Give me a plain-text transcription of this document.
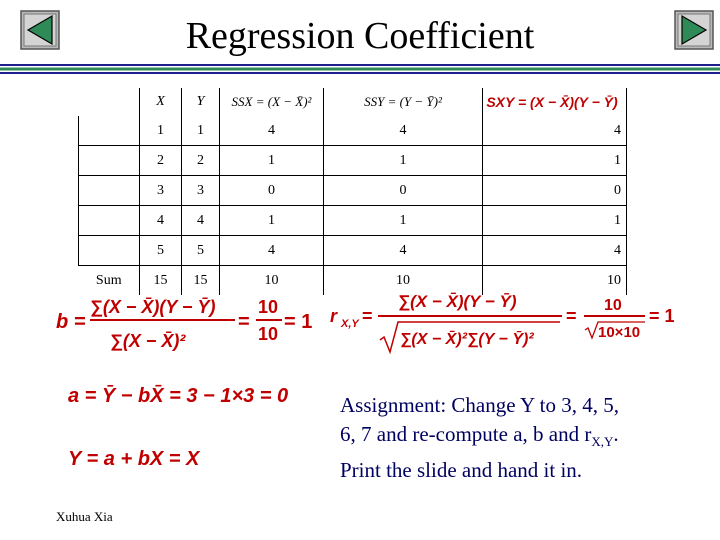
Regression Coefficient
	X	Y	SSX = (X − X̄)²	SSY = (Y − Ȳ)²	SXY = (X − X̄)(Y − Ȳ)
	1	1	4	4	4
	2	2	1	1	1
	3	3	0	0	0
	4	4	1	1	1
	5	5	4	4	4
Sum	15	15	10	10	10
b =
∑(X − X̄)(Y − Ȳ)
∑(X − X̄)²
=
10
10
= 1 r X,Y =
∑(X − X̄)(Y − Ȳ)
∑(X − X̄)²∑(Y − Ȳ)²
=
10
10×10
= 1
a = Ȳ − bX̄ = 3 − 1×3 = 0
Y = a + bX = X
Assignment: Change Y to 3, 4, 5,
6, 7 and re-compute a, b and $r_{X,Y}$.
Print the slide and hand it in.
Xuhua Xia
